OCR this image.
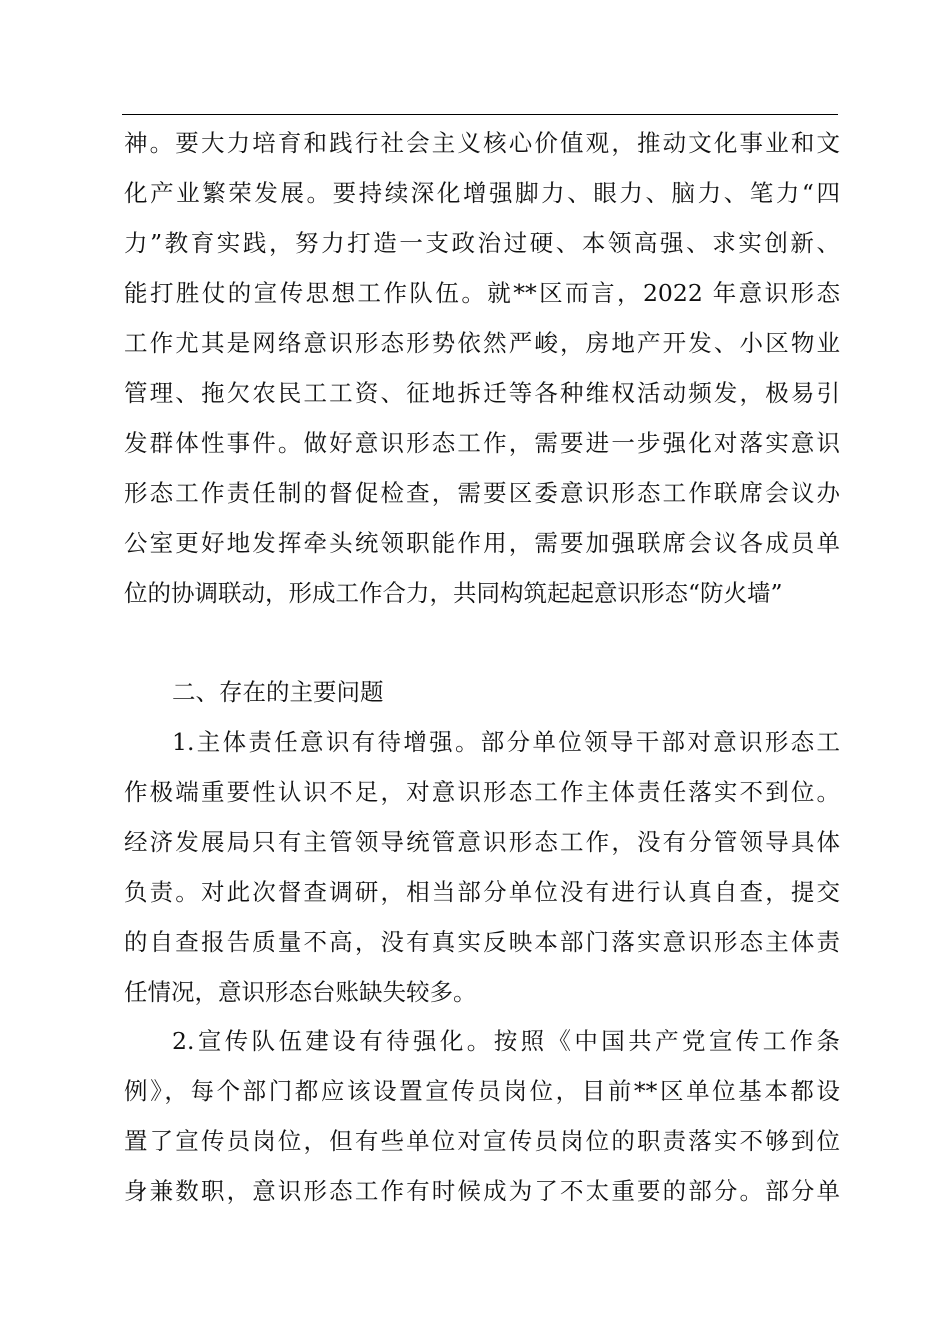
神。要大力培育和践行社会主义核心价值观，推动文化事业和文
化产业繁荣发展。要持续深化增强脚力、眼力、脑力、笔力“四
力”教育实践，努力打造一支政治过硬、本领高强、求实创新、
能打胜仗的宣传思想工作队伍。就**区而言，2022 年意识形态
工作尤其是网络意识形态形势依然严峻，房地产开发、小区物业
管理、拖欠农民工工资、征地拆迁等各种维权活动频发，极易引
发群体性事件。做好意识形态工作，需要进一步强化对落实意识
形态工作责任制的督促检查，需要区委意识形态工作联席会议办
公室更好地发挥牵头统领职能作用，需要加强联席会议各成员单
位的协调联动，形成工作合力，共同构筑起起意识形态“防火墙”
二、存在的主要问题
1.主体责任意识有待增强。部分单位领导干部对意识形态工
作极端重要性认识不足，对意识形态工作主体责任落实不到位。
经济发展局只有主管领导统管意识形态工作，没有分管领导具体
负责。对此次督查调研，相当部分单位没有进行认真自查，提交
的自查报告质量不高，没有真实反映本部门落实意识形态主体责
任情况，意识形态台账缺失较多。
2.宣传队伍建设有待强化。按照《中国共产党宣传工作条
例》，每个部门都应该设置宣传员岗位，目前**区单位基本都设
置了宣传员岗位，但有些单位对宣传员岗位的职责落实不够到位
身兼数职，意识形态工作有时候成为了不太重要的部分。部分单
